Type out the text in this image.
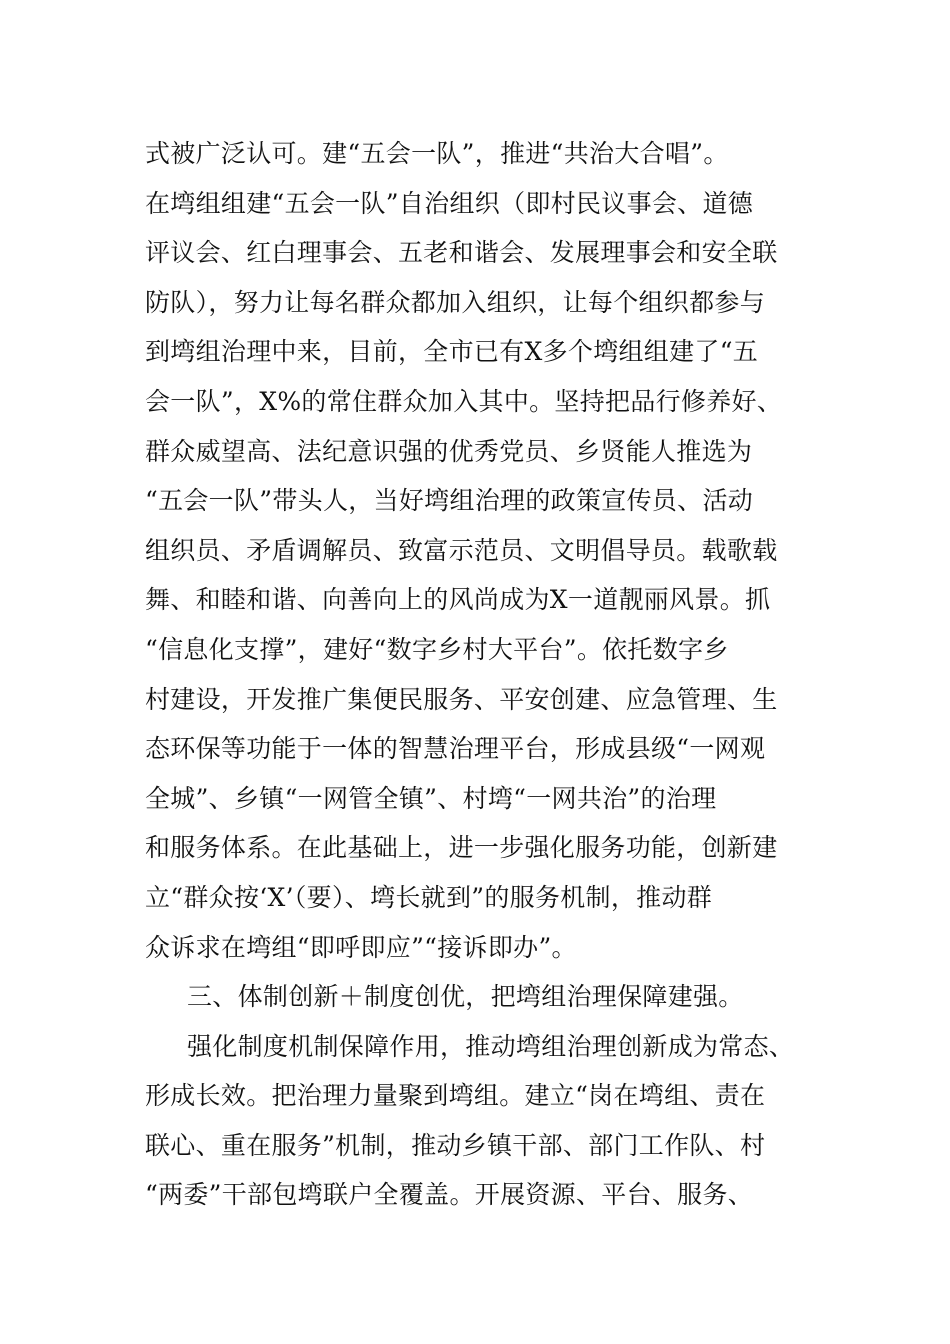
式被广泛认可。建“五会一队”，推进“共治大合唱”。
在塆组组建“五会一队”自治组织（即村民议事会、道德
评议会、红白理事会、五老和谐会、发展理事会和安全联
防队），努力让每名群众都加入组织，让每个组织都参与
到塆组治理中来，目前，全市已有X多个塆组组建了“五
会一队”，X%的常住群众加入其中。坚持把品行修养好、
群众威望高、法纪意识强的优秀党员、乡贤能人推选为
“五会一队”带头人，当好塆组治理的政策宣传员、活动
组织员、矛盾调解员、致富示范员、文明倡导员。载歌载
舞、和睦和谐、向善向上的风尚成为X一道靓丽风景。抓
“信息化支撑”，建好“数字乡村大平台”。依托数字乡
村建设，开发推广集便民服务、平安创建、应急管理、生
态环保等功能于一体的智慧治理平台，形成县级“一网观
全城”、乡镇“一网管全镇”、村塆“一网共治”的治理
和服务体系。在此基础上，进一步强化服务功能，创新建
立“群众按‘X’（要）、塆长就到”的服务机制，推动群
众诉求在塆组“即呼即应”“接诉即办”。
三、体制创新＋制度创优，把塆组治理保障建强。
强化制度机制保障作用，推动塆组治理创新成为常态、
形成长效。把治理力量聚到塆组。建立“岗在塆组、责在
联心、重在服务”机制，推动乡镇干部、部门工作队、村
“两委”干部包塆联户全覆盖。开展资源、平台、服务、
